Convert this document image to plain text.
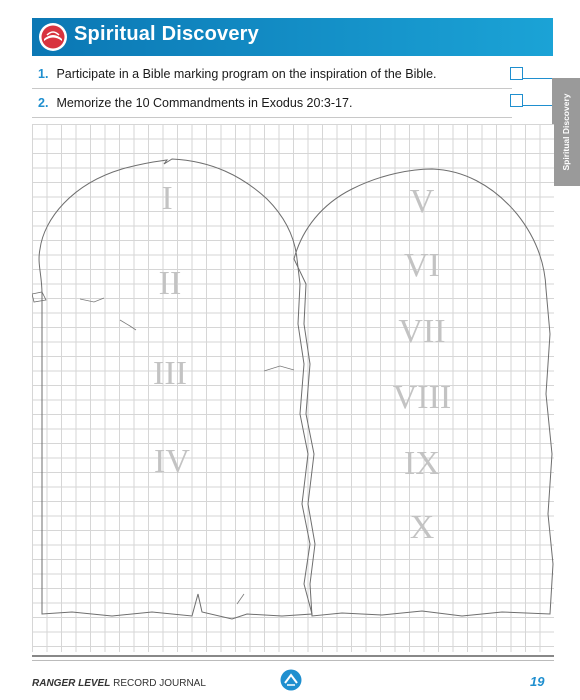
Spiritual Discovery
1. Participate in a Bible marking program on the inspiration of the Bible.
2. Memorize the 10 Commandments in Exodus 20:3-17.	Spiritual Discovery
I
II
III
IV
V
VI
VII
VIII
IX
X
RANGER LEVEL RECORD JOURNAL	19
